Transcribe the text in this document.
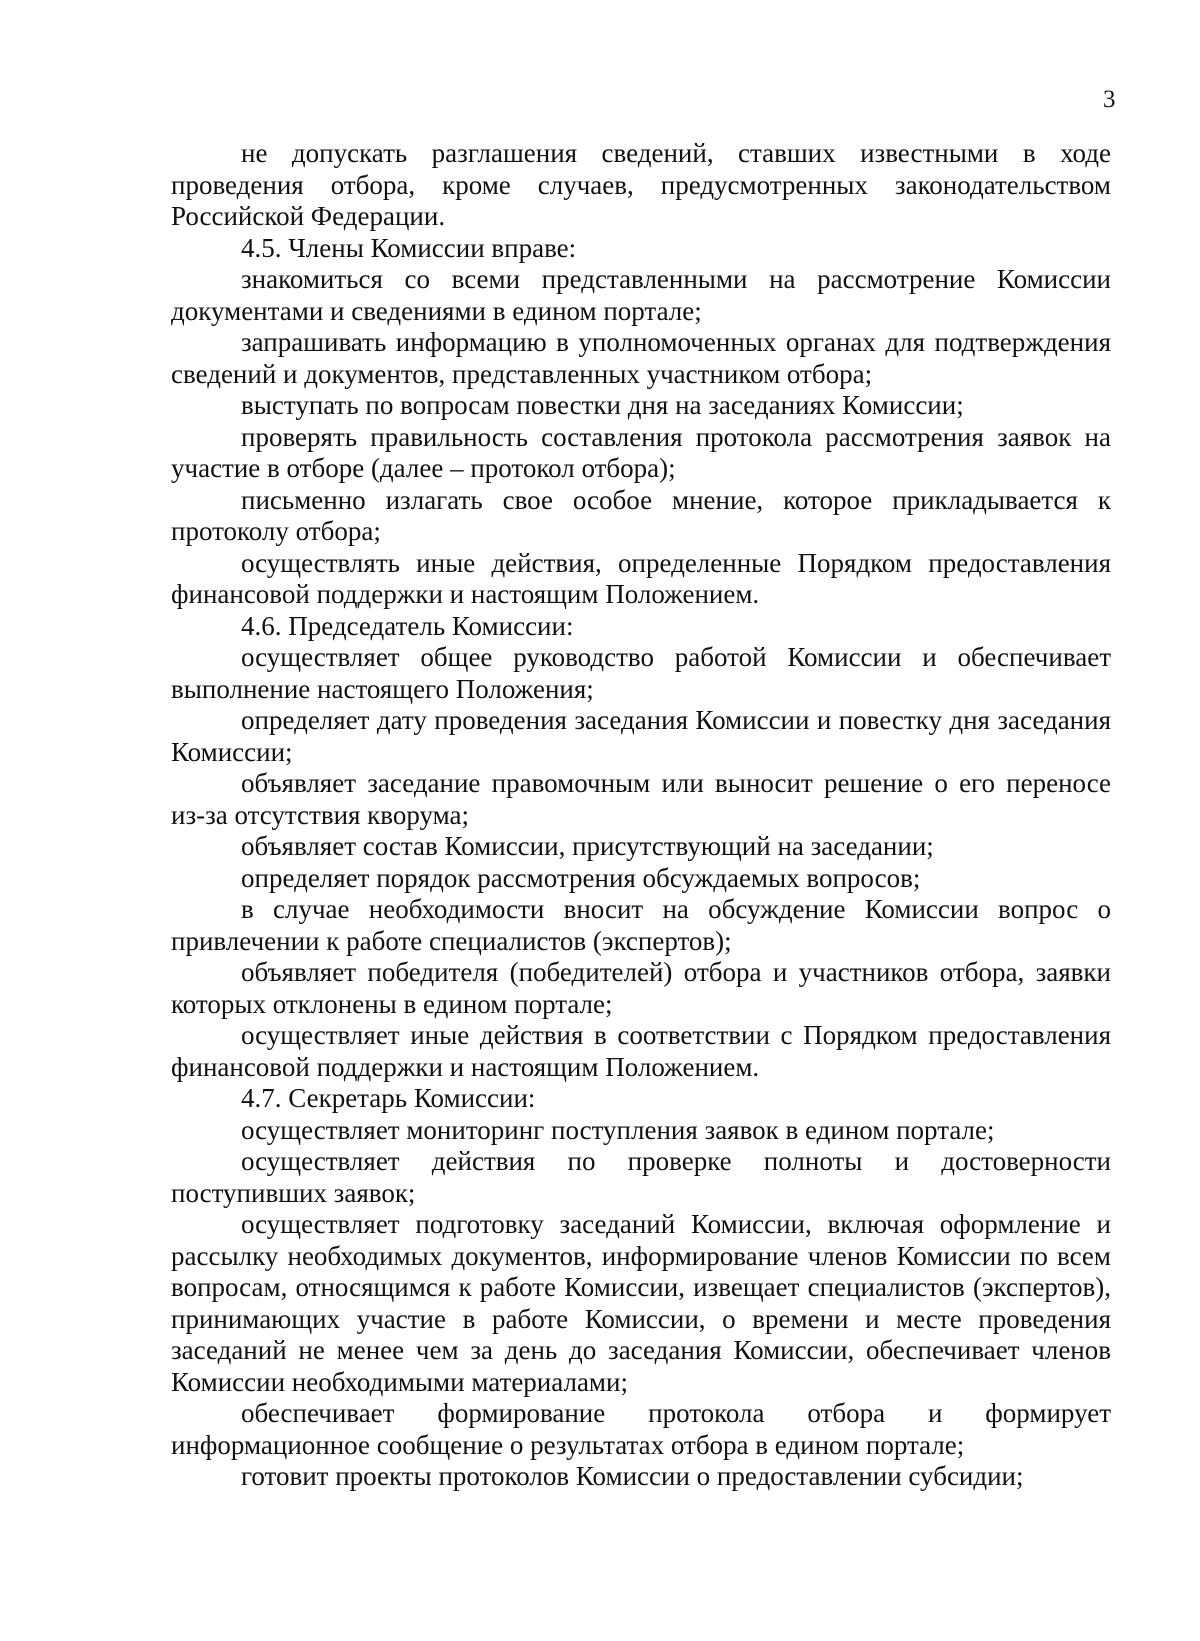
3

не допускать разглашения сведений, ставших известными в ходе проведения отбора, кроме случаев, предусмотренных законодательством Российской Федерации.

4.5. Члены Комиссии вправе:

знакомиться со всеми представленными на рассмотрение Комиссии документами и сведениями в едином портале;

запрашивать информацию в уполномоченных органах для подтверждения сведений и документов, представленных участником отбора;

выступать по вопросам повестки дня на заседаниях Комиссии;

проверять правильность составления протокола рассмотрения заявок на участие в отборе (далее – протокол отбора);

письменно излагать свое особое мнение, которое прикладывается к протоколу отбора;

осуществлять иные действия, определенные Порядком предоставления финансовой поддержки и настоящим Положением.

4.6. Председатель Комиссии:

осуществляет общее руководство работой Комиссии и обеспечивает выполнение настоящего Положения;

определяет дату проведения заседания Комиссии и повестку дня заседания Комиссии;

объявляет заседание правомочным или выносит решение о его переносе из-за отсутствия кворума;

объявляет состав Комиссии, присутствующий на заседании;

определяет порядок рассмотрения обсуждаемых вопросов;

в случае необходимости вносит на обсуждение Комиссии вопрос о привлечении к работе специалистов (экспертов);

объявляет победителя (победителей) отбора и участников отбора, заявки которых отклонены в едином портале;

осуществляет иные действия в соответствии с Порядком предоставления финансовой поддержки и настоящим Положением.

4.7. Секретарь Комиссии:

осуществляет мониторинг поступления заявок в едином портале;

осуществляет действия по проверке полноты и достоверности поступивших заявок;

осуществляет подготовку заседаний Комиссии, включая оформление и рассылку необходимых документов, информирование членов Комиссии по всем вопросам, относящимся к работе Комиссии, извещает специалистов (экспертов), принимающих участие в работе Комиссии, о времени и месте проведения заседаний не менее чем за день до заседания Комиссии, обеспечивает членов Комиссии необходимыми материалами;

обеспечивает формирование протокола отбора и формирует информационное сообщение о результатах отбора в едином портале;

готовит проекты протоколов Комиссии о предоставлении субсидии;
